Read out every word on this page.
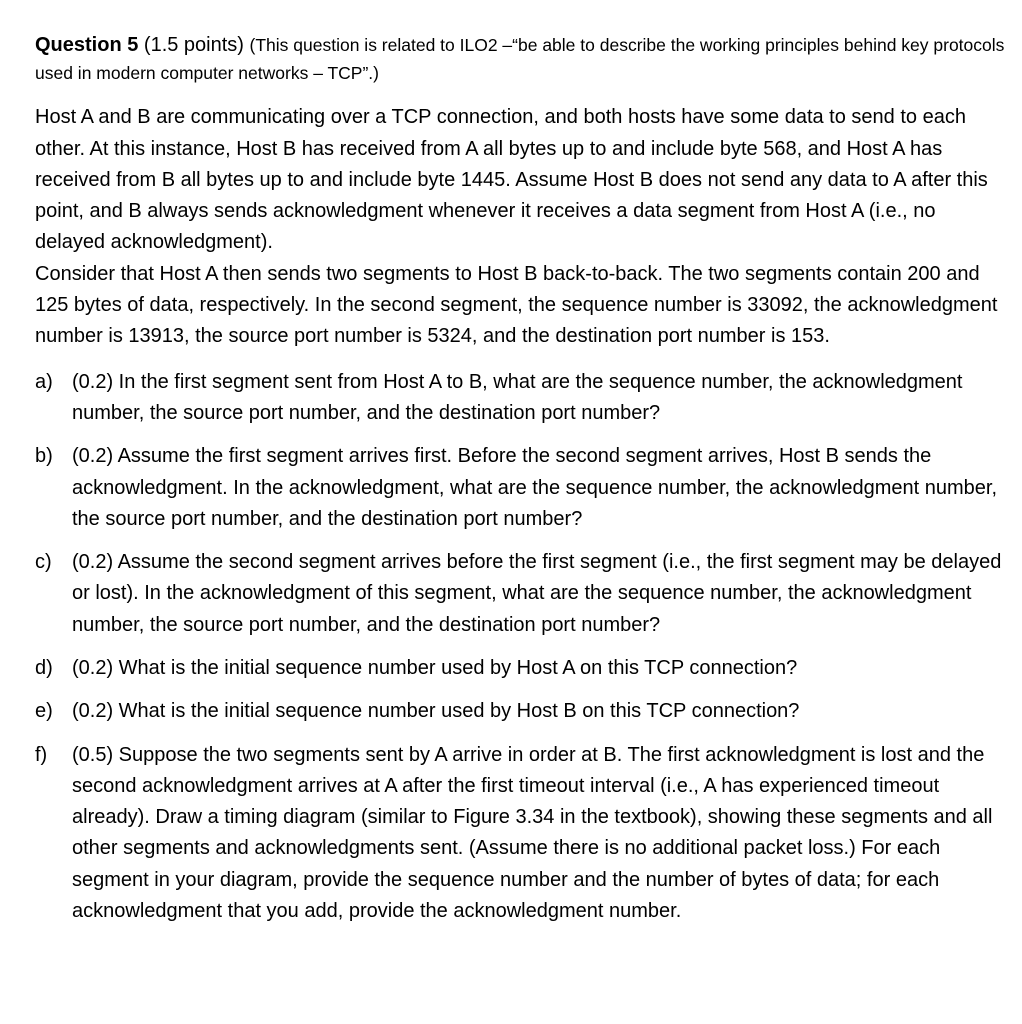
Question 5 (1.5 points) (This question is related to ILO2 –“be able to describe the working principles behind key protocols used in modern computer networks – TCP”.)

Host A and B are communicating over a TCP connection, and both hosts have some data to send to each other. At this instance, Host B has received from A all bytes up to and include byte 568, and Host A has received from B all bytes up to and include byte 1445. Assume Host B does not send any data to A after this point, and B always sends acknowledgment whenever it receives a data segment from Host A (i.e., no delayed acknowledgment).

Consider that Host A then sends two segments to Host B back-to-back. The two segments contain 200 and 125 bytes of data, respectively. In the second segment, the sequence number is 33092, the acknowledgment number is 13913, the source port number is 5324, and the destination port number is 153.

a) (0.2) In the first segment sent from Host A to B, what are the sequence number, the acknowledgment number, the source port number, and the destination port number?
b) (0.2) Assume the first segment arrives first. Before the second segment arrives, Host B sends the acknowledgment. In the acknowledgment, what are the sequence number, the acknowledgment number, the source port number, and the destination port number?
c)	(0.2) Assume the second segment arrives before the first segment (i.e., the first segment may be delayed or lost). In the acknowledgment of this segment, what are the sequence number, the acknowledgment number, the source port number, and the destination port number?
d) (0.2) What is the initial sequence number used by Host A on this TCP connection?
e) (0.2) What is the initial sequence number used by Host B on this TCP connection?
f)	(0.5) Suppose the two segments sent by A arrive in order at B. The first acknowledgment is lost and the second acknowledgment arrives at A after the first timeout interval (i.e., A has experienced timeout already). Draw a timing diagram (similar to Figure 3.34 in the textbook), showing these segments and all other segments and acknowledgments sent. (Assume there is no additional packet loss.) For each segment in your diagram, provide the sequence number and the number of bytes of data; for each acknowledgment that you add, provide the acknowledgment number.
